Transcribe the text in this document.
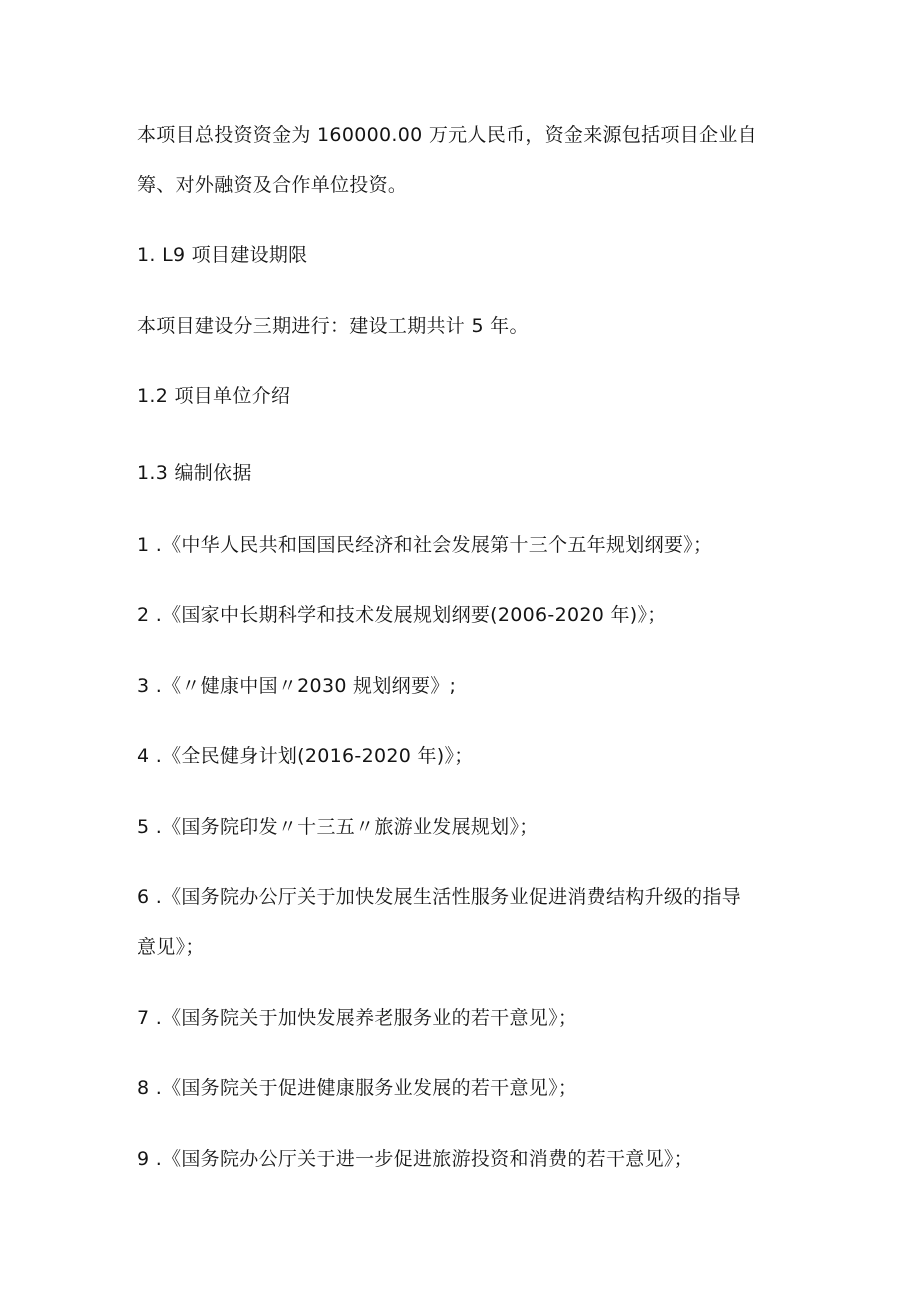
本项目总投资资金为 160000.00 万元人民币，资金来源包括项目企业自
筹、对外融资及合作单位投资。
1. L9 项目建设期限
本项目建设分三期进行：建设工期共计 5 年。
1.2 项目单位介绍
1.3 编制依据
1 .《中华人民共和国国民经济和社会发展第十三个五年规划纲要》；
2 .《国家中长期科学和技术发展规划纲要(2006-2020 年)》；
3 .《〃健康中国〃2030 规划纲要》;
4 .《全民健身计划(2016-2020 年)》；
5 .《国务院印发〃十三五〃旅游业发展规划》；
6 .《国务院办公厅关于加快发展生活性服务业促进消费结构升级的指导
意见》；
7 .《国务院关于加快发展养老服务业的若干意见》；
8 .《国务院关于促进健康服务业发展的若干意见》；
9 .《国务院办公厅关于进一步促进旅游投资和消费的若干意见》；
